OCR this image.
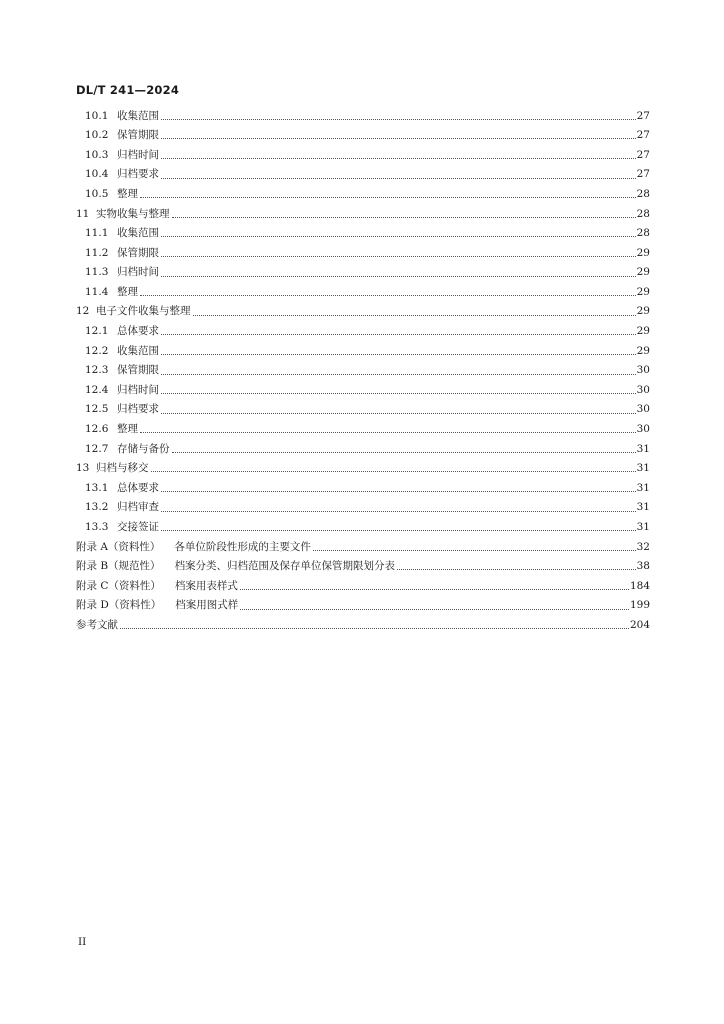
DL/T 241—2024
10.1 收集范围	27
10.2 保管期限	27
10.3 归档时间	27
10.4 归档要求	27
10.5 整理	28
11 实物收集与整理	28
11.1 收集范围	28
11.2 保管期限	29
11.3 归档时间	29
11.4 整理	29
12 电子文件收集与整理	29
12.1 总体要求	29
12.2 收集范围	29
12.3 保管期限	30
12.4 归档时间	30
12.5 归档要求	30
12.6 整理	30
12.7 存储与备份	31
13 归档与移交	31
13.1 总体要求	31
13.2 归档审查	31
13.3 交接签证	31
附录 A（资料性） 各单位阶段性形成的主要文件	32
附录 B（规范性） 档案分类、归档范围及保存单位保管期限划分表	38
附录 C（资料性） 档案用表样式	184
附录 D（资料性） 档案用图式样	199
参考文献	204
II
